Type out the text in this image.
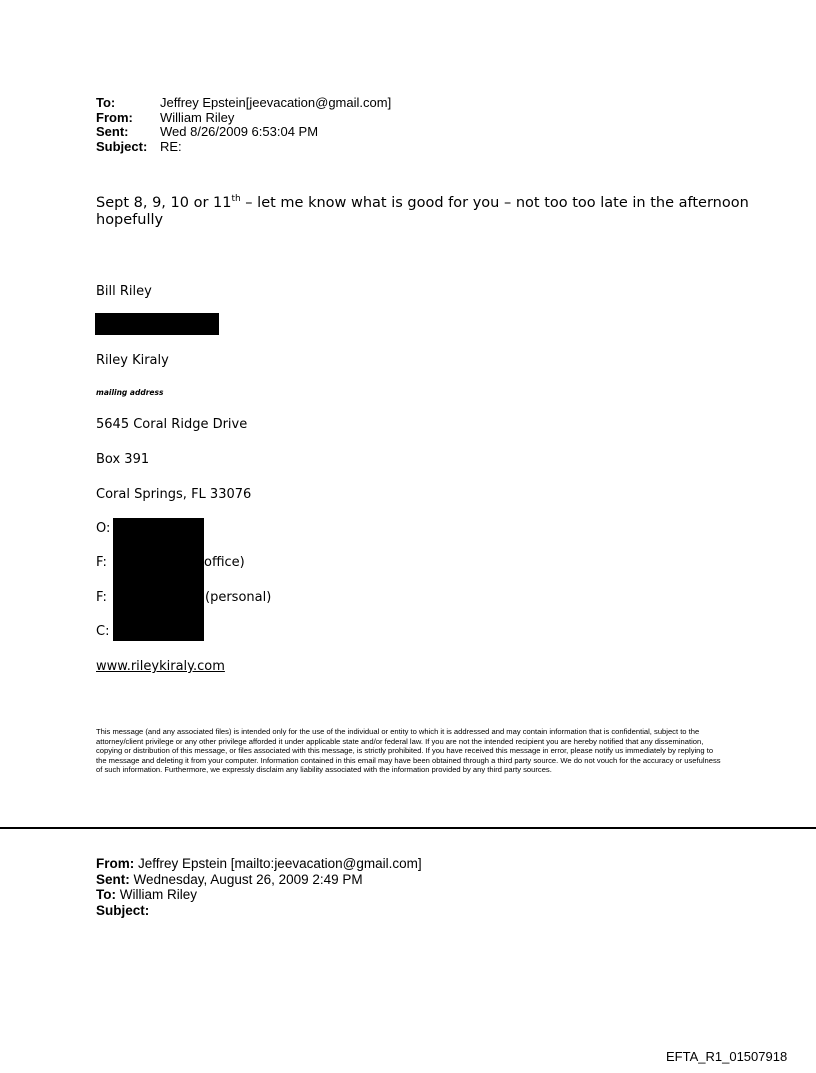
To:	Jeffrey Epstein[jeevacation@gmail.com]
From:	William Riley
Sent:	Wed 8/26/2009 6:53:04 PM
Subject: RE:
Sept 8, 9, 10 or 11th – let me know what is good for you – not too too late in the afternoon
hopefully
Bill Riley
Riley Kiraly
mailing address
5645 Coral Ridge Drive
Box 391
Coral Springs, FL 33076
O:
F:	office)
F:	(personal)
C:
www.rileykiraly.com
This message (and any associated files) is intended only for the use of the individual or entity to which it is addressed and may contain information that is confidential, subject to the attorney/client privilege or any other privilege afforded it under applicable state and/or federal law. If you are not the intended recipient you are hereby notified that any dissemination, copying or distribution of this message, or files associated with this message, is strictly prohibited. If you have received this message in error, please notify us immediately by replying to the message and deleting it from your computer. Information contained in this email may have been obtained through a third party source. We do not vouch for the accuracy or usefulness of such information. Furthermore, we expressly disclaim any liability associated with the information provided by any third party sources.
From: Jeffrey Epstein [mailto:jeevacation@gmail.com]
Sent: Wednesday, August 26, 2009 2:49 PM
To: William Riley
Subject:
EFTA_R1_01507918
